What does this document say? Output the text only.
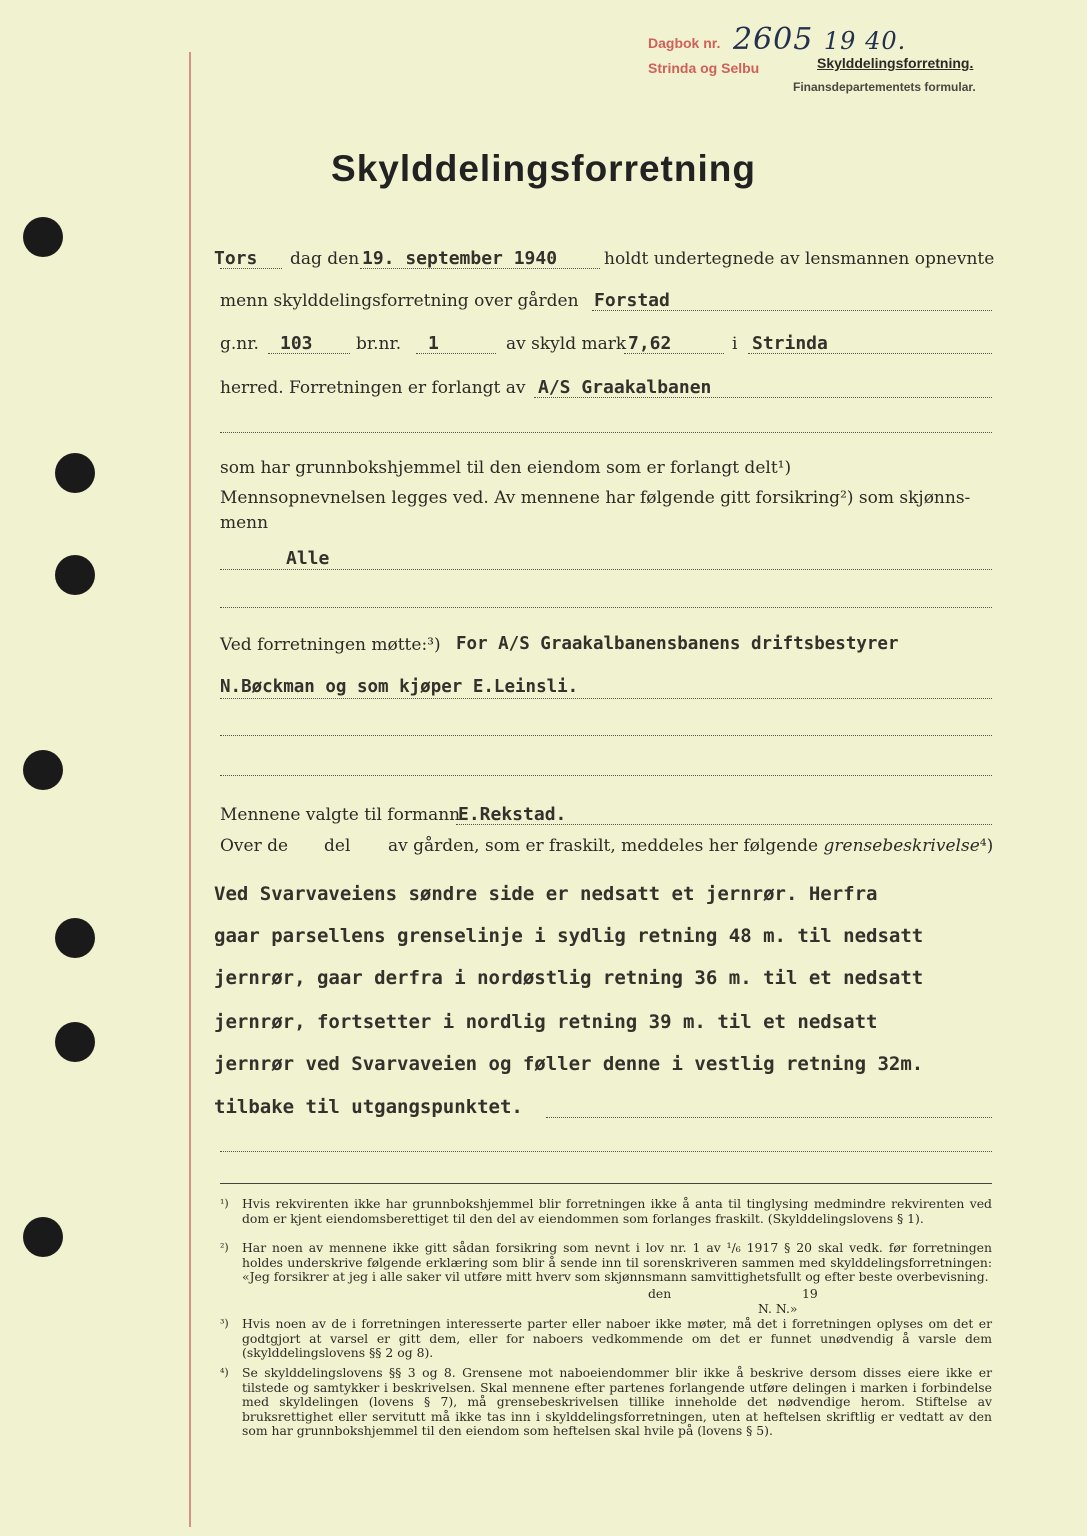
Dagbok nr. 2605 19 40.
Strinda og Selbu	Skylddelingsforretning.
Finansdepartementets formular.
Skylddelingsforretning
Tors dag den 19. september 1940	holdt undertegnede av lensmannen opnevnte
menn skylddelingsforretning over gården Forstad
g.nr. 103	br.nr. 1	av skyld mark 7,62	i Strinda
herred. Forretningen er forlangt av A/S Graakalbanen
som har grunnbokshjemmel til den eiendom som er forlangt delt¹)
Mennsopnevnelsen legges ved. Av mennene har følgende gitt forsikring²) som skjønns-
menn
Alle
Ved forretningen møtte:³) For A/S Graakalbanensbanens driftsbestyrer
N.Bøckman og som kjøper E.Leinsli.
Mennene valgte til formann
E.Rekstad.
Over de del av gården, som er fraskilt, meddeles her følgende grensebeskrivelse⁴)
Ved Svarvaveiens søndre side er nedsatt et jernrør. Herfra
gaar parsellens grenselinje i sydlig retning 48 m. til nedsatt
jernrør, gaar derfra i nordøstlig retning 36 m. til et nedsatt
jernrør, fortsetter i nordlig retning 39 m. til et nedsatt
jernrør ved Svarvaveien og føller denne i vestlig retning 32m.
tilbake til utgangspunktet.
¹) Hvis rekvirenten ikke har grunnbokshjemmel blir forretningen ikke å anta til tinglysing medmindre rekvirenten ved dom er kjent eiendomsberettiget til den del av eiendommen som forlanges fraskilt. (Skylddelingslovens § 1).
²) Har noen av mennene ikke gitt sådan forsikring som nevnt i lov nr. 1 av ¹/₆ 1917 § 20 skal vedk. før forretningen holdes underskrive følgende erklæring som blir å sende inn til sorenskriveren sammen med skylddelingsforretningen: «Jeg forsikrer at jeg i alle saker vil utføre mitt hverv som skjønnsmann samvittighetsfullt og efter beste overbevisning.
den	19
N. N.»
³) Hvis noen av de i forretningen interesserte parter eller naboer ikke møter, må det i forretningen oplyses om det er godtgjort at varsel er gitt dem, eller for naboers vedkommende om det er funnet unødvendig å varsle dem (skylddelingslovens §§ 2 og 8).
⁴) Se skylddelingslovens §§ 3 og 8. Grensene mot naboeiendommer blir ikke å beskrive dersom disses eiere ikke er tilstede og samtykker i beskrivelsen. Skal mennene efter partenes forlangende utføre delingen i marken i forbindelse med skyldelingen (lovens § 7), må grensebeskrivelsen tillike inneholde det nødvendige herom. Stiftelse av bruksrettighet eller servitutt må ikke tas inn i skylddelingsforretningen, uten at heftelsen skriftlig er vedtatt av den som har grunnbokshjemmel til den eiendom som heftelsen skal hvile på (lovens § 5).
